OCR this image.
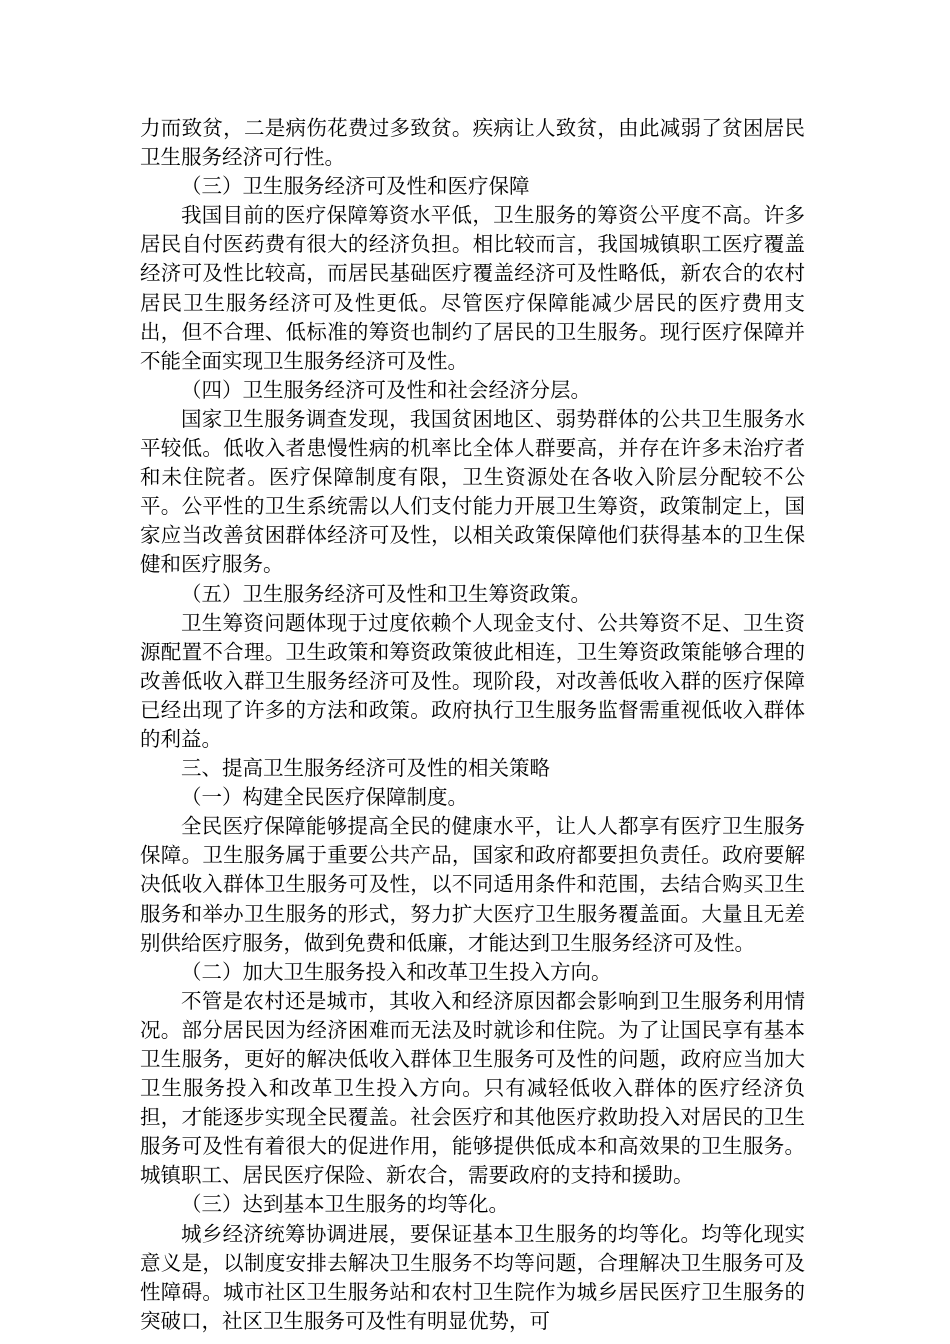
力而致贫，二是病伤花费过多致贫。疾病让人致贫，由此减弱了贫困居民卫生服务经济可行性。

（三）卫生服务经济可及性和医疗保障

我国目前的医疗保障筹资水平低，卫生服务的筹资公平度不高。许多居民自付医药费有很大的经济负担。相比较而言，我国城镇职工医疗覆盖经济可及性比较高，而居民基础医疗覆盖经济可及性略低，新农合的农村居民卫生服务经济可及性更低。尽管医疗保障能减少居民的医疗费用支出，但不合理、低标准的筹资也制约了居民的卫生服务。现行医疗保障并不能全面实现卫生服务经济可及性。

（四）卫生服务经济可及性和社会经济分层。

国家卫生服务调查发现，我国贫困地区、弱势群体的公共卫生服务水平较低。低收入者患慢性病的机率比全体人群要高，并存在许多未治疗者和未住院者。医疗保障制度有限，卫生资源处在各收入阶层分配较不公平。公平性的卫生系统需以人们支付能力开展卫生筹资，政策制定上，国家应当改善贫困群体经济可及性，以相关政策保障他们获得基本的卫生保健和医疗服务。

（五）卫生服务经济可及性和卫生筹资政策。

卫生筹资问题体现于过度依赖个人现金支付、公共筹资不足、卫生资源配置不合理。卫生政策和筹资政策彼此相连，卫生筹资政策能够合理的改善低收入群卫生服务经济可及性。现阶段，对改善低收入群的医疗保障已经出现了许多的方法和政策。政府执行卫生服务监督需重视低收入群体的利益。

三、提高卫生服务经济可及性的相关策略

（一）构建全民医疗保障制度。

全民医疗保障能够提高全民的健康水平，让人人都享有医疗卫生服务保障。卫生服务属于重要公共产品，国家和政府都要担负责任。政府要解决低收入群体卫生服务可及性，以不同适用条件和范围，去结合购买卫生服务和举办卫生服务的形式，努力扩大医疗卫生服务覆盖面。大量且无差别供给医疗服务，做到免费和低廉，才能达到卫生服务经济可及性。

（二）加大卫生服务投入和改革卫生投入方向。

不管是农村还是城市，其收入和经济原因都会影响到卫生服务利用情况。部分居民因为经济困难而无法及时就诊和住院。为了让国民享有基本卫生服务，更好的解决低收入群体卫生服务可及性的问题，政府应当加大卫生服务投入和改革卫生投入方向。只有减轻低收入群体的医疗经济负担，才能逐步实现全民覆盖。社会医疗和其他医疗救助投入对居民的卫生服务可及性有着很大的促进作用，能够提供低成本和高效果的卫生服务。城镇职工、居民医疗保险、新农合，需要政府的支持和援助。

（三）达到基本卫生服务的均等化。

城乡经济统筹协调进展，要保证基本卫生服务的均等化。均等化现实意义是，以制度安排去解决卫生服务不均等问题，合理解决卫生服务可及性障碍。城市社区卫生服务站和农村卫生院作为城乡居民医疗卫生服务的突破口，社区卫生服务可及性有明显优势，可
